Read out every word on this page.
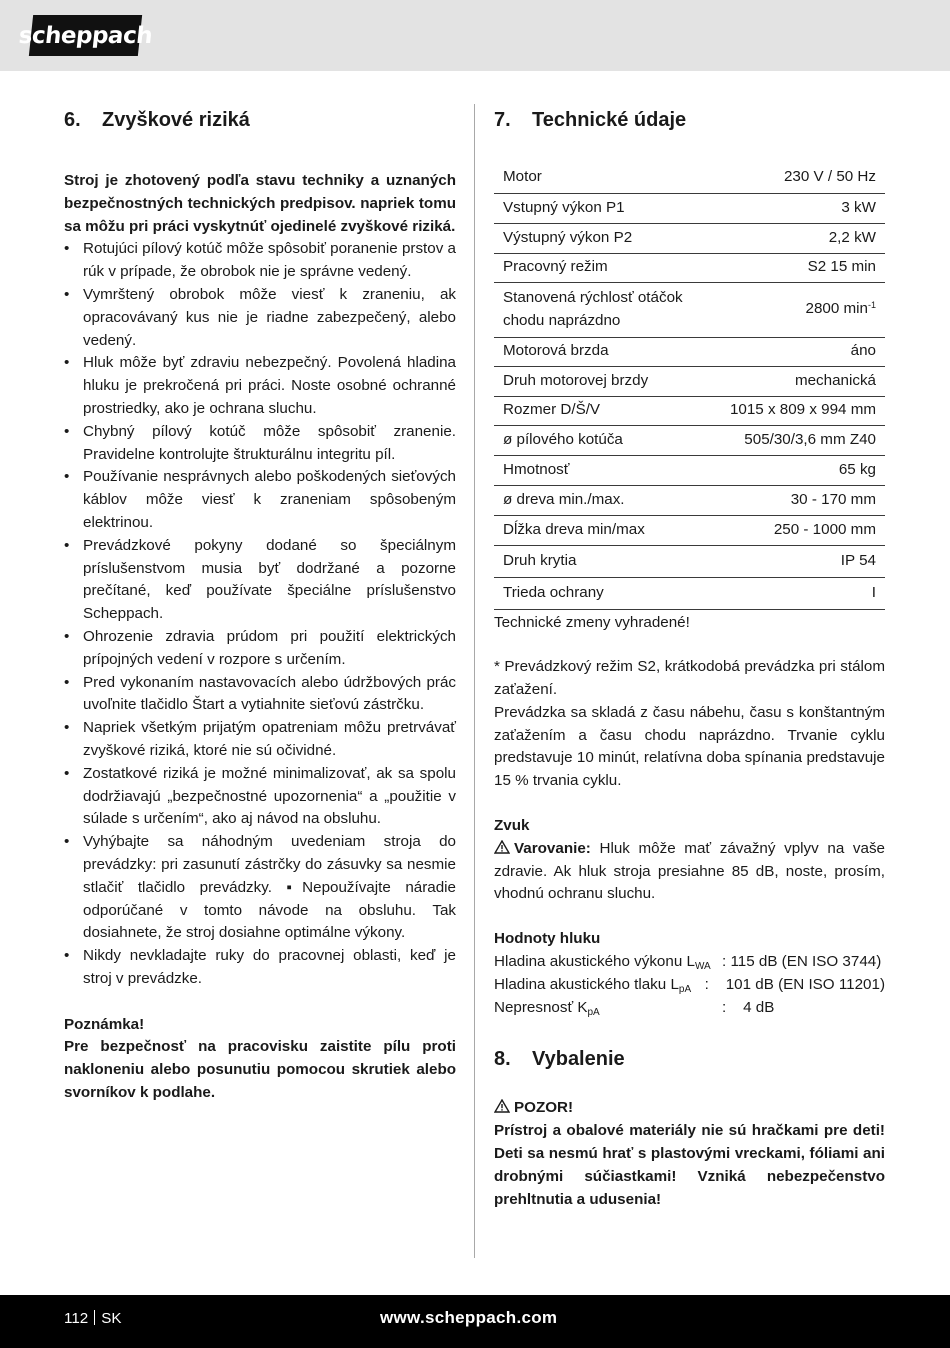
scheppach
6.	Zvyškové riziká
Stroj je zhotovený podľa stavu techniky a uznaných bezpečnostných technických predpisov. napriek tomu sa môžu pri práci vyskytnúť ojedinelé zvyškové riziká.
• Rotujúci pílový kotúč môže spôsobiť poranenie prstov a rúk v prípade, že obrobok nie je správne vedený.
• Vymrštený obrobok môže viesť k zraneniu, ak opracovávaný kus nie je riadne zabezpečený, alebo vedený.
• Hluk môže byť zdraviu nebezpečný. Povolená hladina hluku je prekročená pri práci. Noste osobné ochranné prostriedky, ako je ochrana sluchu.
• Chybný pílový kotúč môže spôsobiť zranenie. Pravidelne kontrolujte štrukturálnu integritu píl.
• Používanie nesprávnych alebo poškodených sieťových káblov môže viesť k zraneniam spôsobeným elektrinou.
• Prevádzkové pokyny dodané so špeciálnym príslušenstvom musia byť dodržané a pozorne prečítané, keď používate špeciálne príslušenstvo Scheppach.
• Ohrozenie zdravia prúdom pri použití elektrických prípojných vedení v rozpore s určením.
• Pred vykonaním nastavovacích alebo údržbových prác uvoľnite tlačidlo Štart a vytiahnite sieťovú zástrčku.
• Napriek všetkým prijatým opatreniam môžu pretrvávať zvyškové riziká, ktoré nie sú očividné.
• Zostatkové riziká je možné minimalizovať, ak sa spolu dodržiavajú „bezpečnostné upozornenia“ a „použitie v súlade s určením“, ako aj návod na obsluhu.
• Vyhýbajte sa náhodným uvedeniam stroja do prevádzky: pri zasunutí zástrčky do zásuvky sa nesmie stlačiť tlačidlo prevádzky. ▪Nepoužívajte náradie odporúčané v tomto návode na obsluhu. Tak dosiahnete, že stroj dosiahne optimálne výkony.
• Nikdy nevkladajte ruky do pracovnej oblasti, keď je stroj v prevádzke.
Poznámka!
Pre bezpečnosť na pracovisku zaistite pílu proti nakloneniu alebo posunutiu pomocou skrutiek alebo svorníkov k podlahe.
7.	Technické údaje
Motor	230 V / 50 Hz
Vstupný výkon P1	3 kW
Výstupný výkon P2	2,2 kW
Pracovný režim	S2 15 min
Stanovená rýchlosť otáčok chodu naprázdno	2800 $\min^{-1}$
Motorová brzda	áno
Druh motorovej brzdy	mechanická
Rozmer D/Š/V	1015 x 809 x 994 mm
ø pílového kotúča	505/30/3,6 mm Z40
Hmotnosť	65 kg
ø dreva min./max.	30 - 170 mm
Dĺžka dreva min/max	250 - 1000 mm
Druh krytia	IP 54
Trieda ochrany	I
Technické zmeny vyhradené!
* Prevádzkový režim S2, krátkodobá prevádzka pri stálom zaťažení.
Prevádzka sa skladá z času nábehu, času s konštantným zaťažením a času chodu naprázdno. Trvanie cyklu predstavuje 10 minút, relatívna doba spínania predstavuje 15 % trvania cyklu.
Zvuk
Varovanie: Hluk môže mať závažný vplyv na vaše zdravie. Ak hluk stroja presiahne 85 dB, noste, prosím, vhodnú ochranu sluchu.
Hodnoty hluku
Hladina akustického výkonu $L_{WA}$ : 115 dB (EN ISO 3744)
Hladina akustického tlaku $L_{pA}$ :    101 dB (EN ISO 11201)
Nepresnosť $K_{pA}$	:    4 dB
8.	Vybalenie
POZOR!
Prístroj a obalové materiály nie sú hračkami pre deti! Deti sa nesmú hrať s plastovými vreckami, fóliami ani drobnými súčiastkami! Vzniká nebezpečenstvo prehltnutia a udusenia!
112 SK	www.scheppach.com
